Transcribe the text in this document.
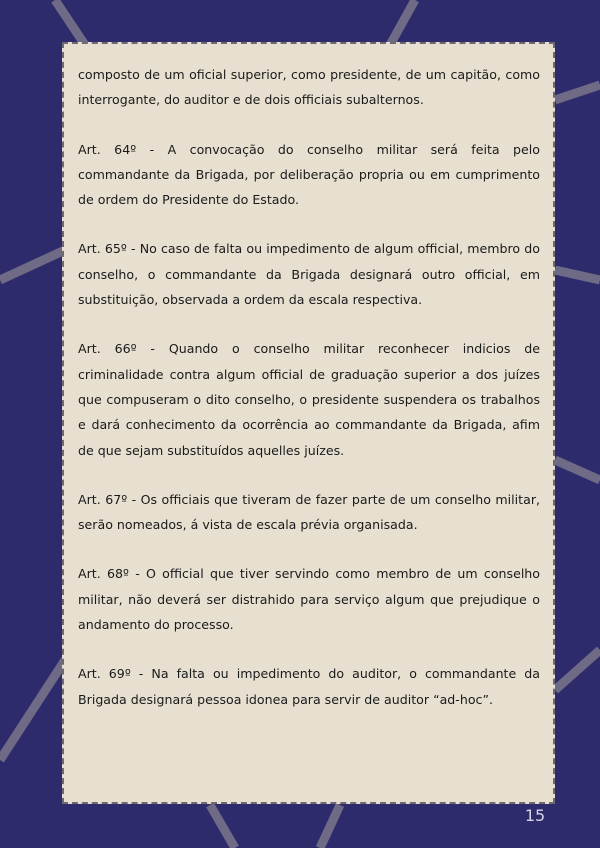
composto de um oficial superior, como presidente, de um capitão, como interrogante, do auditor e de dois officiais subalternos.

Art. 64º - A convocação do conselho militar será feita pelo commandante da Brigada, por deliberação propria ou em cumprimento de ordem do Presidente do Estado.

Art. 65º - No caso de falta ou impedimento de algum official, membro do conselho, o commandante da Brigada designará outro official, em substituição, observada a ordem da escala respectiva.

Art. 66º - Quando o conselho militar reconhecer indicios de criminalidade contra algum official de graduação superior a dos juízes que compuseram o dito conselho, o presidente suspendera os trabalhos e dará conhecimento da ocorrência ao commandante da Brigada, afim de que sejam substituídos aquelles juízes.

Art. 67º - Os officiais que tiveram de fazer parte de um conselho militar, serão nomeados, á vista de escala prévia organisada.

Art. 68º - O official que tiver servindo como membro de um conselho militar, não deverá ser distrahido para serviço algum que prejudique o andamento do processo.

Art. 69º - Na falta ou impedimento do auditor, o commandante da Brigada designará pessoa idonea para servir de auditor “ad-hoc”.

15
